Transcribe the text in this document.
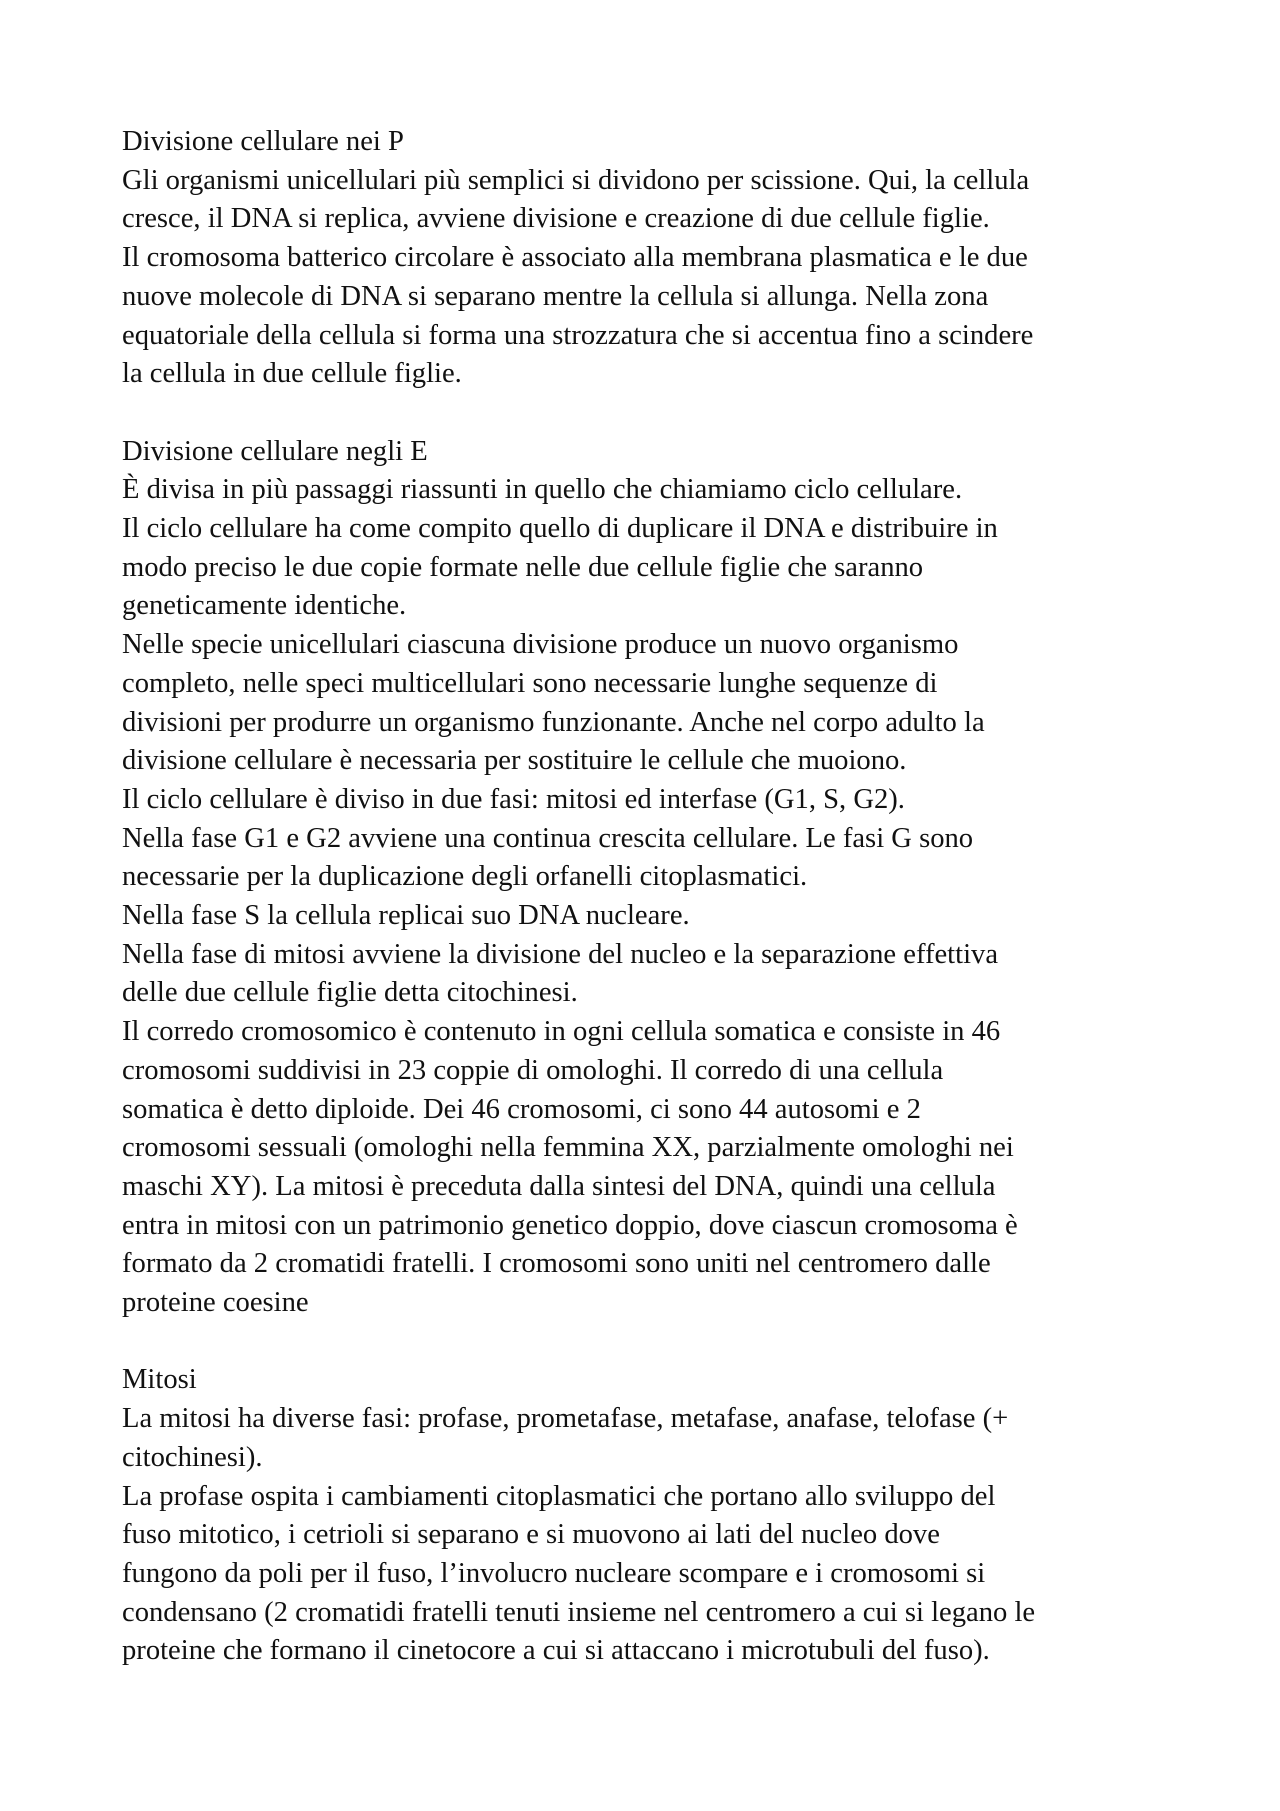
Divisione cellulare nei P
Gli organismi unicellulari più semplici si dividono per scissione. Qui, la cellula
cresce, il DNA si replica, avviene divisione e creazione di due cellule figlie.
Il cromosoma batterico circolare è associato alla membrana plasmatica e le due
nuove molecole di DNA si separano mentre la cellula si allunga. Nella zona
equatoriale della cellula si forma una strozzatura che si accentua fino a scindere
la cellula in due cellule figlie.
Divisione cellulare negli E
È divisa in più passaggi riassunti in quello che chiamiamo ciclo cellulare.
Il ciclo cellulare ha come compito quello di duplicare il DNA e distribuire in
modo preciso le due copie formate nelle due cellule figlie che saranno
geneticamente identiche.
Nelle specie unicellulari ciascuna divisione produce un nuovo organismo
completo, nelle speci multicellulari sono necessarie lunghe sequenze di
divisioni per produrre un organismo funzionante. Anche nel corpo adulto la
divisione cellulare è necessaria per sostituire le cellule che muoiono.
Il ciclo cellulare è diviso in due fasi: mitosi ed interfase (G1, S, G2).
Nella fase G1 e G2 avviene una continua crescita cellulare. Le fasi G sono
necessarie per la duplicazione degli orfanelli citoplasmatici.
Nella fase S la cellula replicai suo DNA nucleare.
Nella fase di mitosi avviene la divisione del nucleo e la separazione effettiva
delle due cellule figlie detta citochinesi.
Il corredo cromosomico è contenuto in ogni cellula somatica e consiste in 46
cromosomi suddivisi in 23 coppie di omologhi. Il corredo di una cellula
somatica è detto diploide. Dei 46 cromosomi, ci sono 44 autosomi e 2
cromosomi sessuali (omologhi nella femmina XX, parzialmente omologhi nei
maschi XY). La mitosi è preceduta dalla sintesi del DNA, quindi una cellula
entra in mitosi con un patrimonio genetico doppio, dove ciascun cromosoma è
formato da 2 cromatidi fratelli. I cromosomi sono uniti nel centromero dalle
proteine coesine
Mitosi
La mitosi ha diverse fasi: profase, prometafase, metafase, anafase, telofase (+
citochinesi).
La profase ospita i cambiamenti citoplasmatici che portano allo sviluppo del
fuso mitotico, i cetrioli si separano e si muovono ai lati del nucleo dove
fungono da poli per il fuso, l’involucro nucleare scompare e i cromosomi si
condensano (2 cromatidi fratelli tenuti insieme nel centromero a cui si legano le
proteine che formano il cinetocore a cui si attaccano i microtubuli del fuso).
